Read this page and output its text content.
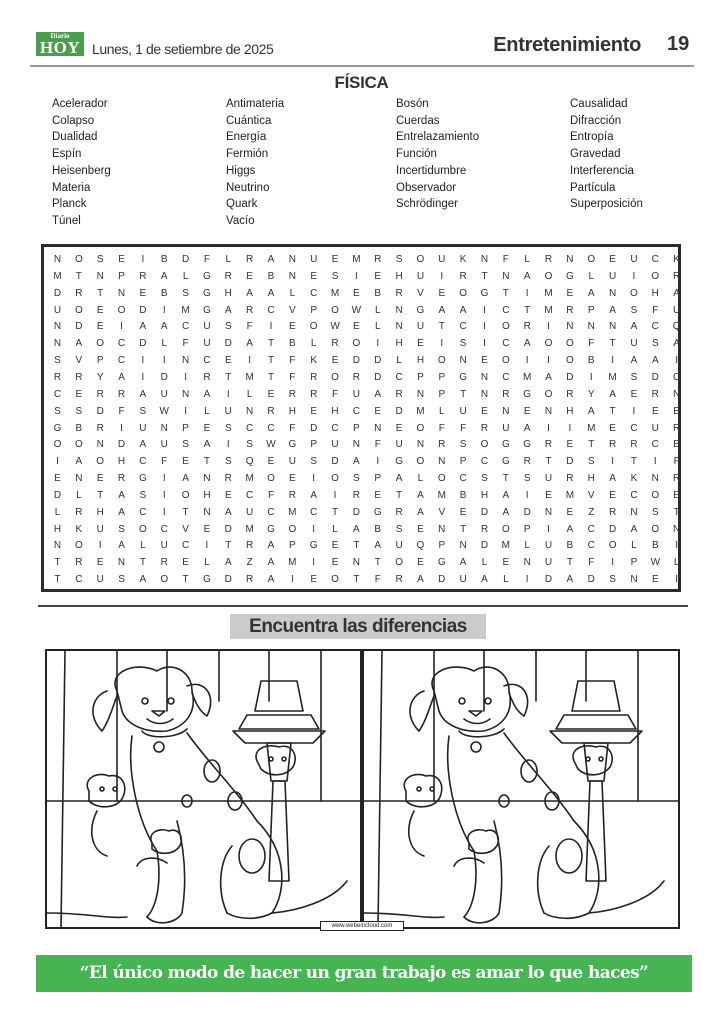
Diario
HOY Lunes, 1 de setiembre de 2025	Entretenimiento 19
FÍSICA
Acelerador
Colapso
Dualidad
Espín
Heisenberg
Materia
Planck
Túnel
Antimateria
Cuántica
Energía
Fermión
Higgs
Neutrino
Quark
Vacío
Bosón
Cuerdas
Entrelazamiento
Función
Incertidumbre
Observador
Schrödinger
Causalidad
Difracción
Entropía
Gravedad
Interferencia
Partícula
Superposición
N	O	S	E	I	B	D	F	L	R	A	N	U	E	M	R	S	O	U	K	N	F	L	R	N	O	E	U	C	K
M	T	N	P	R	A	L	G	R	E	B	N	E	S	I	E	H	U	I	R	T	N	A	O	G	L	U	I	O	R
D	R	T	N	E	B	S	G	H	A	A	L	C	M	E	B	R	V	E	O	G	T	I	M	E	A	N	O	H	A
U	O	E	O	D	I	M	G	A	R	C	V	P	O	W	L	N	G	A	A	I	C	T	M	R	P	A	S	F	U
N	D	E	I	A	A	C	U	S	F	I	E	O	W	E	L	N	U	T	C	I	O	R	I	N	N	N	A	C	Q
N	A	O	C	D	L	F	U	D	A	T	B	L	R	O	I	H	E	I	S	I	C	A	O	O	F	T	U	S	A
S	V	P	C	I	I	N	C	E	I	T	F	K	E	D	D	L	H	O	N	E	O	I	I	O	B	I	A	A	I
R	R	Y	A	I	D	I	R	T	M	T	F	R	O	R	D	C	P	P	G	N	C	M	A	D	I	M	S	D	C
C	E	R	R	A	U	N	A	I	L	E	R	R	F	U	A	R	N	P	T	N	R	G	O	R	Y	A	E	R	N
S	S	D	F	S	W	I	L	U	N	R	H	E	H	C	E	D	M	L	U	E	N	E	N	H	A	T	I	E	E
G	B	R	I	U	N	P	E	S	C	C	F	D	C	P	N	E	O	F	F	R	U	A	I	I	M	E	C	U	R
O	O	N	D	A	U	S	A	I	S	W	G	P	U	N	F	U	N	R	S	O	G	G	R	E	T	R	R	C	E
I	A	O	H	C	F	E	T	S	Q	E	U	S	D	A	I	G	O	N	P	C	G	R	T	D	S	I	T	I	F
E	N	E	R	G	I	A	N	R	M	O	E	I	O	S	P	A	L	O	C	S	T	S	U	R	H	A	K	N	R
D	L	T	A	S	I	O	H	E	C	F	R	A	I	R	E	T	A	M	B	H	A	I	E	M	V	E	C	O	E
L	R	H	A	C	I	T	N	A	U	C	M	C	T	D	G	R	A	V	E	D	A	D	N	E	Z	R	N	S	T
H	K	U	S	O	C	V	E	D	M	G	O	I	L	A	B	S	E	N	T	R	O	P	I	A	C	D	A	O	N
N	O	I	A	L	U	C	I	T	R	A	P	G	E	T	A	U	Q	P	N	D	M	L	U	B	C	O	L	B	I
T	R	E	N	T	R	E	L	A	Z	A	M	I	E	N	T	O	E	G	A	L	E	N	U	T	F	I	P	W	L
T	C	U	S	A	O	T	G	D	R	A	I	E	O	T	F	R	A	D	U	A	L	I	D	A	D	S	N	E	I
Encuentra las diferencias
www.webeincloud.com
“El único modo de hacer un gran trabajo es amar lo que haces”
